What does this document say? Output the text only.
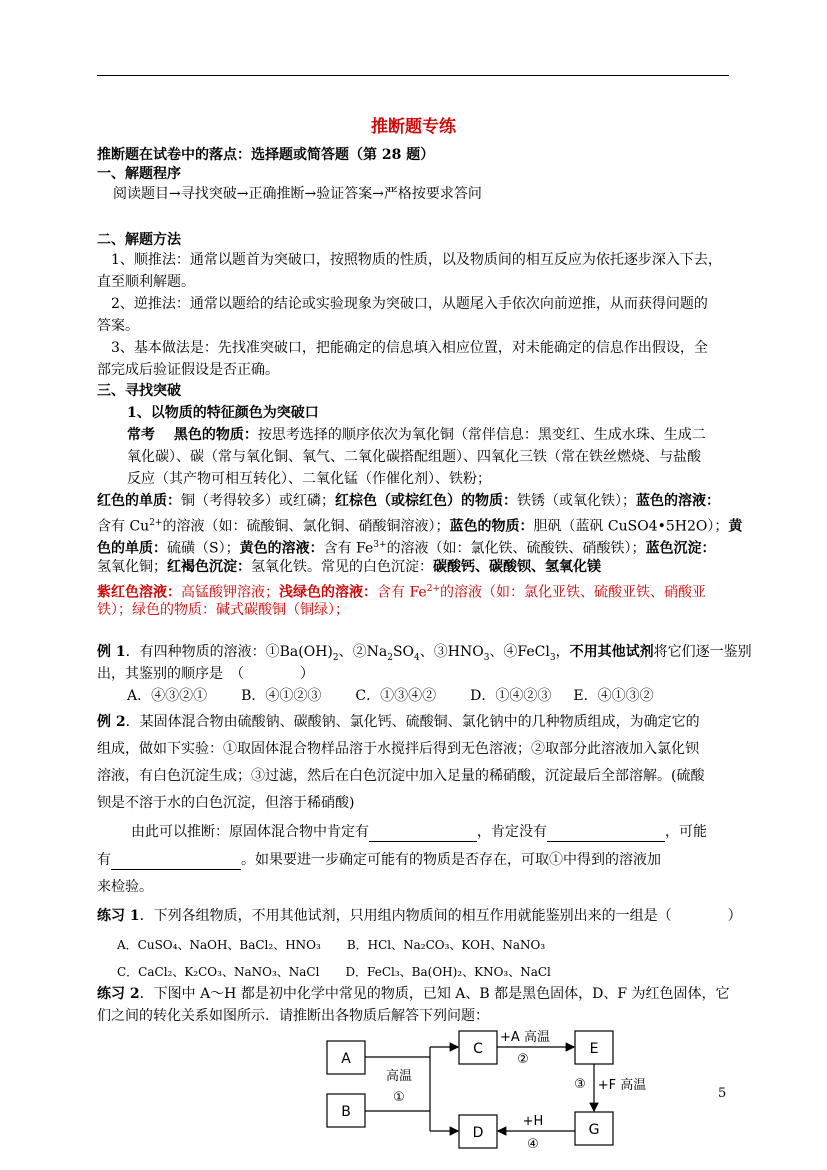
推断题专练
推断题在试卷中的落点：选择题或简答题（第 28 题）
一、解题程序
阅读题目→寻找突破→正确推断→验证答案→严格按要求答问
二、解题方法
1、顺推法：通常以题首为突破口，按照物质的性质，以及物质间的相互反应为依托逐步深入下去，
直至顺利解题。
2、逆推法：通常以题给的结论或实验现象为突破口，从题尾入手依次向前逆推，从而获得问题的
答案。
3、基本做法是：先找准突破口，把能确定的信息填入相应位置，对未能确定的信息作出假设，全
部完成后验证假设是否正确。
三、寻找突破
1、以物质的特征颜色为突破口
常考　 黑色的物质：按思考选择的顺序依次为氧化铜（常伴信息：黑变红、生成水珠、生成二
氧化碳）、碳（常与氧化铜、氧气、二氧化碳搭配组题）、四氧化三铁（常在铁丝燃烧、与盐酸
反应（其产物可相互转化）、二氧化锰（作催化剂）、铁粉；
红色的单质：铜（考得较多）或红磷；红棕色（或棕红色）的物质：铁锈（或氧化铁）；蓝色的溶液：
含有 $Cu^{2+}$的溶液（如：硫酸铜、氯化铜、硝酸铜溶液）；蓝色的物质：胆矾（蓝矾 CuSO4•5H2O）；黄
色的单质：硫磺（S）；黄色的溶液：含有 $Fe^{3+}$的溶液（如：氯化铁、硫酸铁、硝酸铁）；蓝色沉淀：
氢氧化铜；红褐色沉淀：氢氧化铁。常见的白色沉淀：碳酸钙、碳酸钡、氢氧化镁
紫红色溶液：高锰酸钾溶液；浅绿色的溶液：含有 $Fe^{2+}$的溶液（如：氯化亚铁、硫酸亚铁、硝酸亚
铁）；绿色的物质：碱式碳酸铜（铜绿）；
例 1．有四种物质的溶液：$①Ba(OH)_2$、$②Na_2SO_4$、$③HNO_3$、④FeCl$_3$，不用其他试剂将它们逐一鉴别
出，其鉴别的顺序是　（　　　　）
A．④③②① B．④①②③ C．①③④② D．①④②③ E．④①③②
例 2．某固体混合物由硫酸钠、碳酸钠、氯化钙、硫酸铜、氯化钠中的几种物质组成，为确定它的
组成，做如下实验：①取固体混合物样品溶于水搅拌后得到无色溶液；②取部分此溶液加入氯化钡
溶液，有白色沉淀生成；③过滤，然后在白色沉淀中加入足量的稀硝酸，沉淀最后全部溶解。(硫酸
钡是不溶于水的白色沉淀，但溶于稀硝酸)
由此可以推断：原固体混合物中肯定有	，肯定没有	，可能
有	。如果要进一步确定可能有的物质是否存在，可取①中得到的溶液加
来检验。
练习 1．下列各组物质，不用其他试剂，只用组内物质间的相互作用就能鉴别出来的一组是（　　　　）
A．CuSO₄、NaOH、BaCl₂、HNO₃ B．HCl、Na₂CO₃、KOH、NaNO₃
C．CaCl₂、K₂CO₃、NaNO₃、NaCl D．FeCl₃、Ba(OH)₂、KNO₃、NaCl
练习 2．下图中 A～H 都是初中化学中常见的物质，已知 A、B 都是黑色固体，D、F 为红色固体，它
们之间的转化关系如图所示．请推断出各物质后解答下列问题：
A
B
C	E
D	G
高温
①
+A 高温
②
③ +F 高温
+H
④
5
